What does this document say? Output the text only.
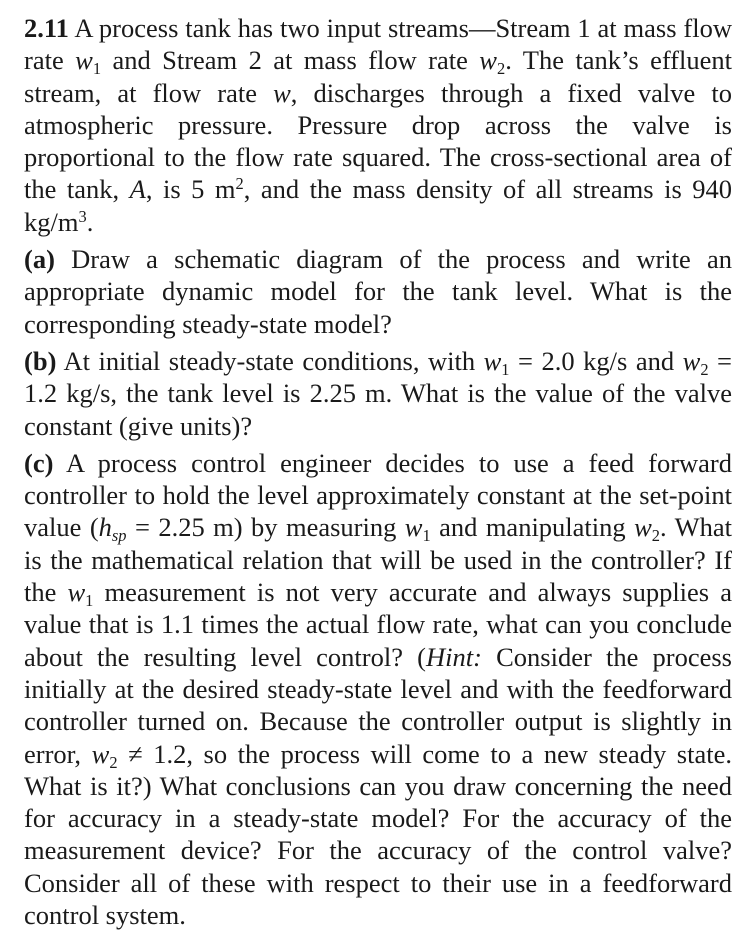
2.11 A process tank has two input streams—Stream 1 at mass flow rate $w_1$ and Stream 2 at mass flow rate $w_2$. The tank’s effluent stream, at flow rate w, discharges through a fixed valve to atmospheric pressure. Pressure drop across the valve is proportional to the flow rate squared. The cross-sectional area of the tank, A, is 5 $m^2$, and the mass density of all streams is 940 $kg/m^3$.

(a) Draw a schematic diagram of the process and write an appropriate dynamic model for the tank level. What is the corresponding steady-state model?

(b) At initial steady-state conditions, with $w_1 = 2.0$ kg/s and $w_2 = 1.2$ kg/s, the tank level is 2.25 m. What is the value of the valve constant (give units)?

(c) A process control engineer decides to use a feed forward controller to hold the level approximately constant at the set-point value ($h_{sp} = 2.25$ m) by measuring $w_1$ and manipulating $w_2$. What is the mathematical relation that will be used in the controller? If the $w_1$ measurement is not very accurate and always supplies a value that is 1.1 times the actual flow rate, what can you conclude about the resulting level control? (Hint: Consider the process initially at the desired steady-state level and with the feedforward controller turned on. Because the controller output is slightly in error, $w_2 \ne 1.2$, so the process will come to a new steady state. What is it?) What conclusions can you draw concerning the need for accuracy in a steady-state model? For the accuracy of the measurement device? For the accuracy of the control valve? Consider all of these with respect to their use in a feedforward control system.
